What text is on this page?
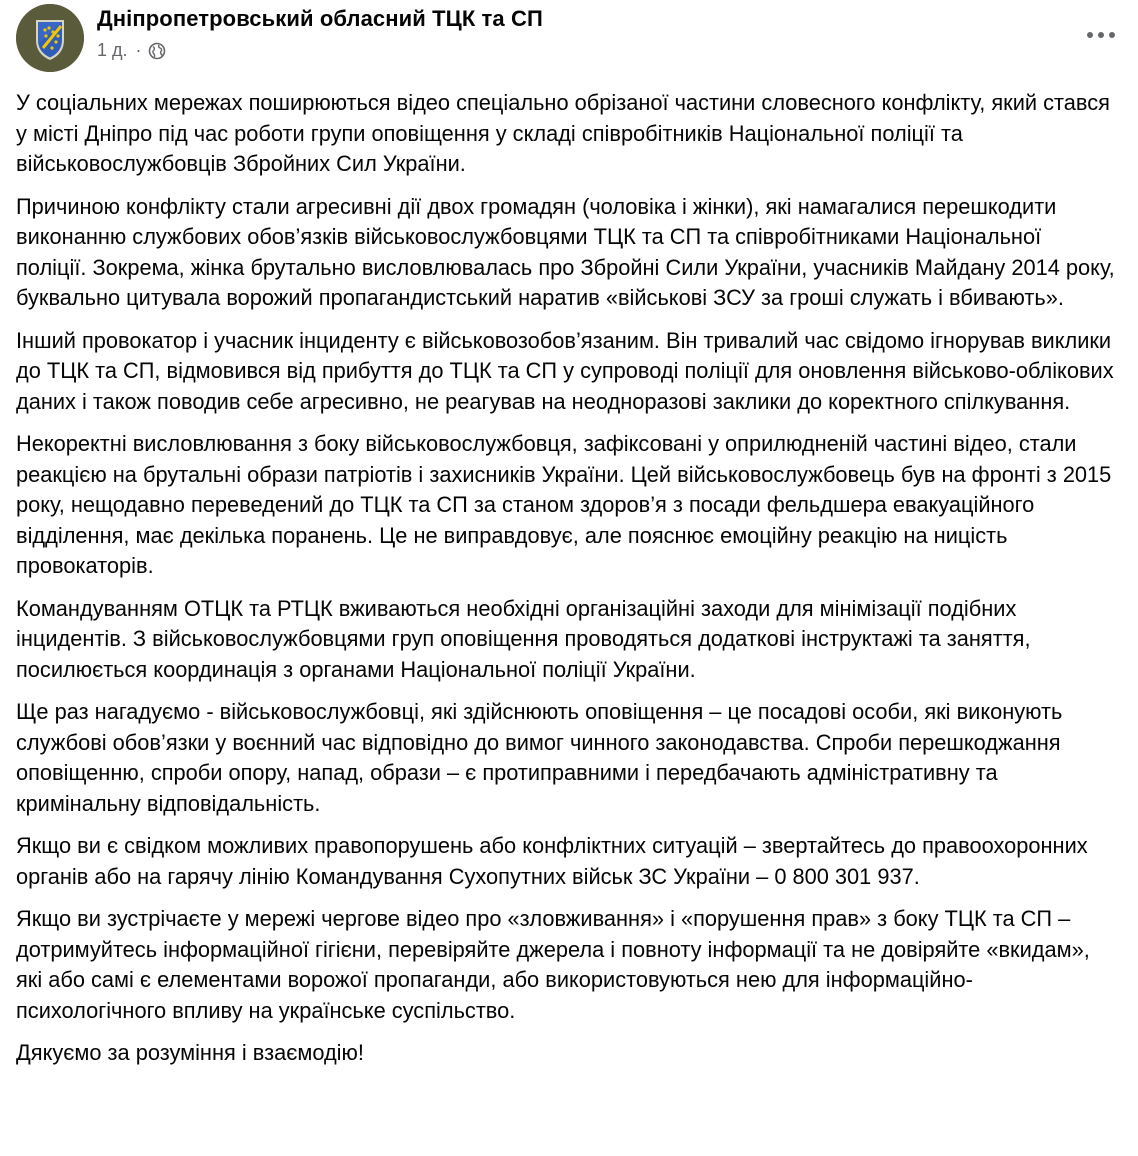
Дніпропетровський обласний ТЦК та СП
1 д. ·

У соціальних мережах поширюються відео спеціально обрізаної частини словесного конфлікту, який стався у місті Дніпро під час роботи групи оповіщення у складі співробітників Національної поліції та військовослужбовців Збройних Сил України.

Причиною конфлікту стали агресивні дії двох громадян (чоловіка і жінки), які намагалися перешкодити виконанню службових обов’язків військовослужбовцями ТЦК та СП та співробітниками Національної поліції. Зокрема, жінка брутально висловлювалась про Збройні Сили України, учасників Майдану 2014 року, буквально цитувала ворожий пропагандистський наратив «військові ЗСУ за гроші служать і вбивають».

Інший провокатор і учасник інциденту є військовозобов’язаним. Він тривалий час свідомо ігнорував виклики до ТЦК та СП, відмовився від прибуття до ТЦК та СП у супроводі поліції для оновлення військово-облікових даних і також поводив себе агресивно, не реагував на неодноразові заклики до коректного спілкування.

Некоректні висловлювання з боку військовослужбовця, зафіксовані у оприлюдненій частині відео, стали реакцією на брутальні образи патріотів і захисників України. Цей військовослужбовець був на фронті з 2015 року, нещодавно переведений до ТЦК та СП за станом здоров’я з посади фельдшера евакуаційного відділення, має декілька поранень. Це не виправдовує, але пояснює емоційну реакцію на ницість провокаторів.

Командуванням ОТЦК та РТЦК вживаються необхідні організаційні заходи для мінімізації подібних інцидентів. З військовослужбовцями груп оповіщення проводяться додаткові інструктажі та заняття, посилюється координація з органами Національної поліції України.

Ще раз нагадуємо - військовослужбовці, які здійснюють оповіщення – це посадові особи, які виконують службові обов’язки у воєнний час відповідно до вимог чинного законодавства. Спроби перешкоджання оповіщенню, спроби опору, напад, образи – є протиправними і передбачають адміністративну та кримінальну відповідальність.

Якщо ви є свідком можливих правопорушень або конфліктних ситуацій – звертайтесь до правоохоронних органів або на гарячу лінію Командування Сухопутних військ ЗС України – 0 800 301 937.

Якщо ви зустрічаєте у мережі чергове відео про «зловживання» і «порушення прав» з боку ТЦК та СП – дотримуйтесь інформаційної гігієни, перевіряйте джерела і повноту інформації та не довіряйте «вкидам», які або самі є елементами ворожої пропаганди, або використовуються нею для інформаційно-психологічного впливу на українське суспільство.

Дякуємо за розуміння і взаємодію!
